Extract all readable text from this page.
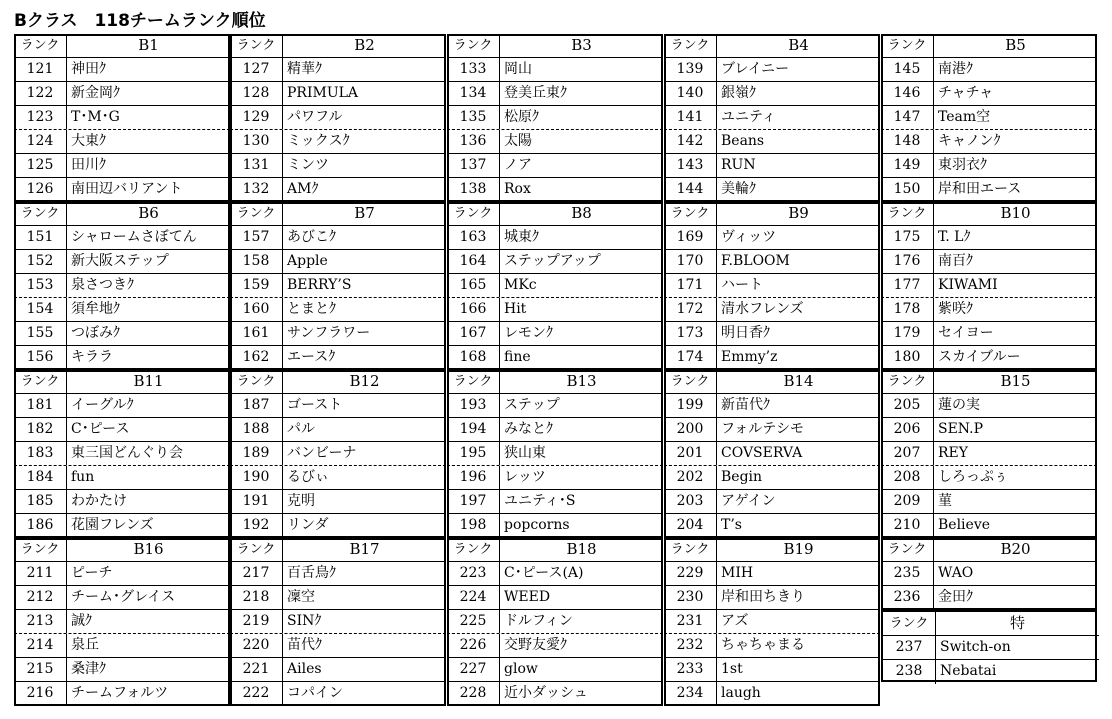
Bクラス　118チームランク順位
ランク	B1
121	神田ｸ
122	新金岡ｸ
123	T･M･G
124	大東ｸ
125	田川ｸ
126	南田辺バリアント
ランク	B6
151	シャロームさぼてん
152	新大阪ステップ
153	泉さつきｸ
154	須牟地ｸ
155	つぼみｸ
156	キララ
ランク	B11
181	イーグルｸ
182	C･ピース
183	東三国どんぐり会
184	fun
185	わかたけ
186	花園フレンズ
ランク	B16
211	ピーチ
212	チーム･グレイス
213	誠ｸ
214	泉丘
215	桑津ｸ
216	チームフォルツ
ランク	B2
127	精華ｸ
128	PRIMULA
129	パワフル
130	ミックスｸ
131	ミンツ
132	AMｸ
ランク	B7
157	あびこｸ
158	Apple
159	BERRY’S
160	とまとｸ
161	サンフラワー
162	エースｸ
ランク	B12
187	ゴースト
188	パル
189	バンビーナ
190	るびぃ
191	克明
192	リンダ
ランク	B17
217	百舌鳥ｸ
218	凜空
219	SINｸ
220	苗代ｸ
221	Ailes
222	コパイン
ランク	B3
133	岡山
134	登美丘東ｸ
135	松原ｸ
136	太陽
137	ノア
138	Rox
ランク	B8
163	城東ｸ
164	ステップアップ
165	MKc
166	Hit
167	レモンｸ
168	fine
ランク	B13
193	ステップ
194	みなとｸ
195	狭山東
196	レッツ
197	ユニティ･S
198	popcorns
ランク	B18
223	C･ピース(A)
224	WEED
225	ドルフィン
226	交野友愛ｸ
227	glow
228	近小ダッシュ
ランク	B4
139	ブレイニー
140	銀嶺ｸ
141	ユニティ
142	Beans
143	RUN
144	美輪ｸ
ランク	B9
169	ヴィッツ
170	F.BLOOM
171	ハート
172	清水フレンズ
173	明日香ｸ
174	Emmy’z
ランク	B14
199	新苗代ｸ
200	フォルテシモ
201	COVSERVA
202	Begin
203	アゲイン
204	T’s
ランク	B19
229	MIH
230	岸和田ちきり
231	アズ
232	ちゃちゃまる
233	1st
234	laugh
ランク	B5
145	南港ｸ
146	チャチャ
147	Team空
148	キャノンｸ
149	東羽衣ｸ
150	岸和田エース
ランク	B10
175	T. Lｸ
176	南百ｸ
177	KIWAMI
178	紫咲ｸ
179	セイヨー
180	スカイブルー
ランク	B15
205	蓮の実
206	SEN.P
207	REY
208	しろっぷぅ
209	菫
210	Believe
ランク	B20
235	WAO
236	金田ｸ
ランク	特
237	Switch-on
238	Nebatai
